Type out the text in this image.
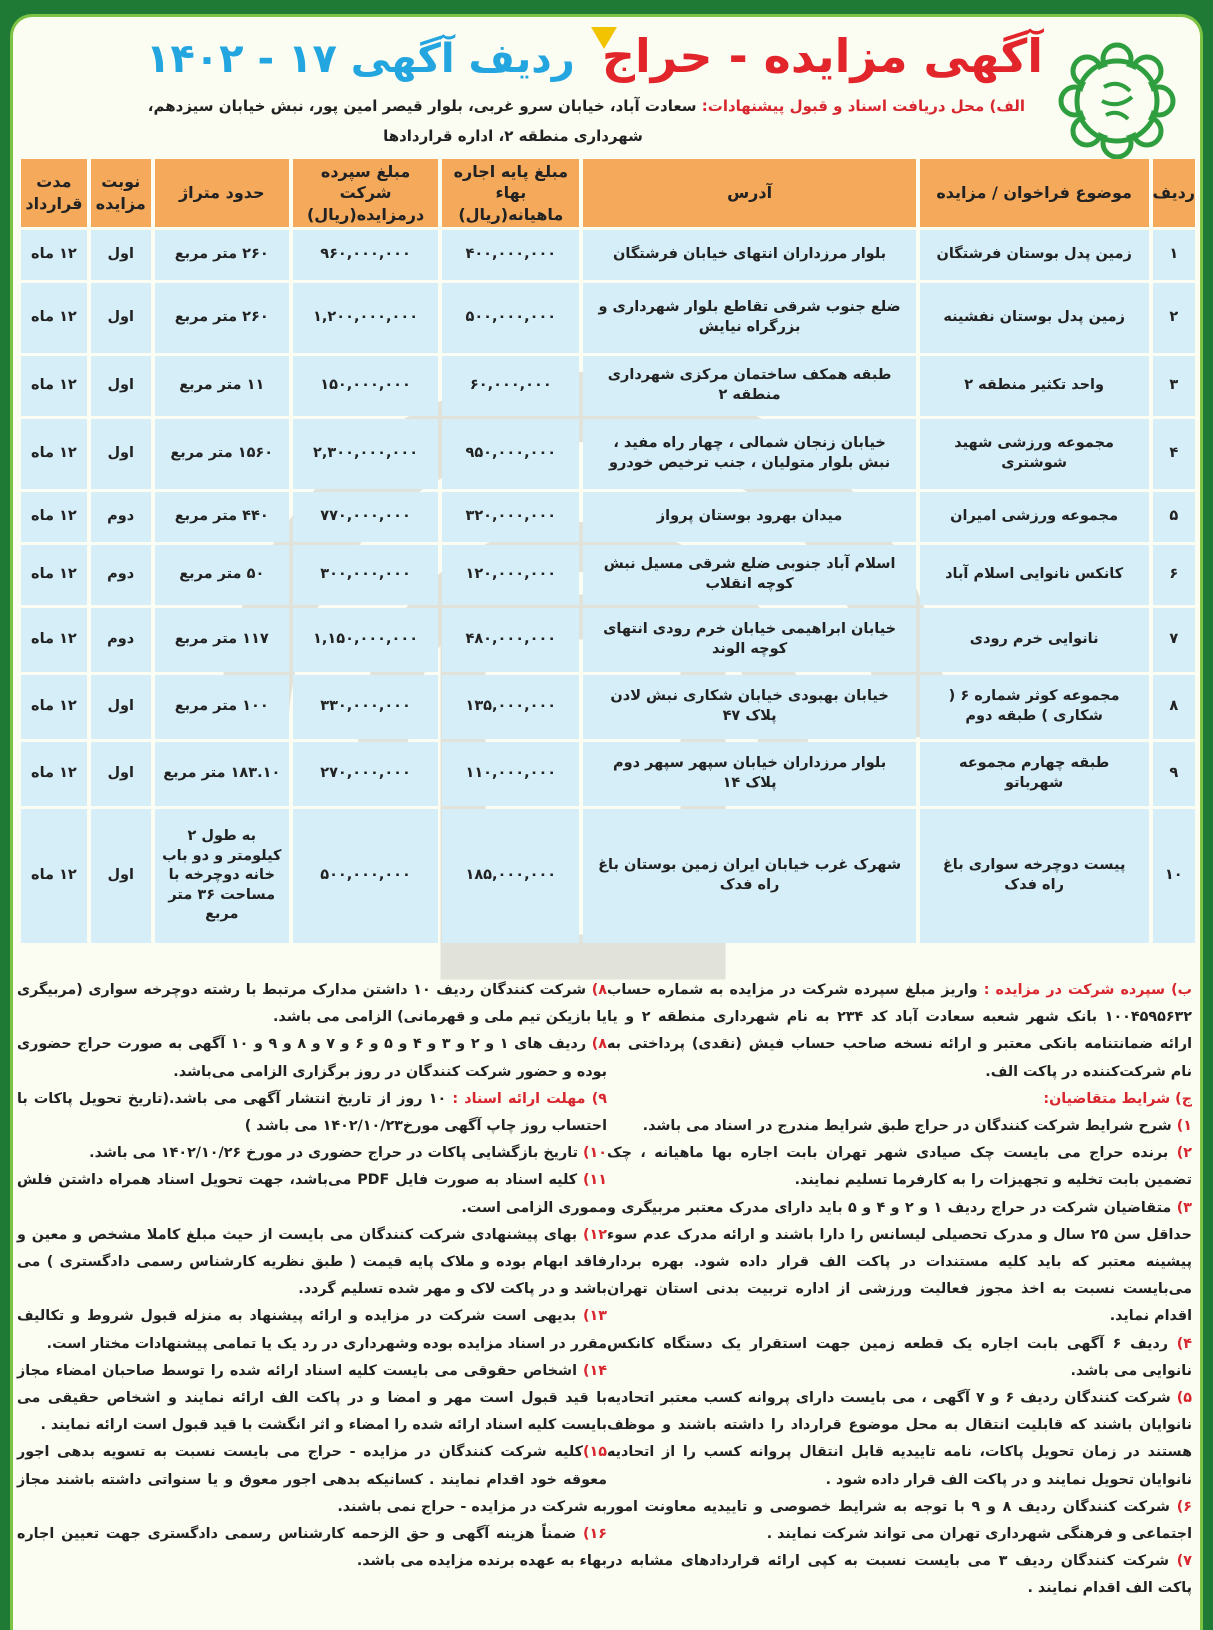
آگهی مزایده - حراج ردیف آگهی ۱۷ - ۱۴۰۲
الف) محل دریافت اسناد و قبول پیشنهادات: سعادت آباد، خیابان سرو غربی، بلوار قیصر امین پور، نبش خیابان سیزدهم،
شهرداری منطقه ۲، اداره قراردادها
ردیف	موضوع فراخوان / مزایده	آدرس	مبلغ پایه اجاره بهاء ماهیانه(ریال)	مبلغ سپرده شرکت درمزایده(ریال)	حدود متراژ	نوبت مزایده	مدت قرارداد
۱	زمین پدل بوستان فرشتگان	بلوار مرزداران انتهای خیابان فرشتگان	۴۰۰,۰۰۰,۰۰۰	۹۶۰,۰۰۰,۰۰۰	۲۶۰ متر مربع	اول	۱۲ ماه
۲	زمین پدل بوستان نفشینه	ضلع جنوب شرقی تقاطع بلوار شهرداری و بزرگراه نیایش	۵۰۰,۰۰۰,۰۰۰	۱,۲۰۰,۰۰۰,۰۰۰	۲۶۰ متر مربع	اول	۱۲ ماه
۳	واحد تکثیر منطقه ۲	طبقه همکف ساختمان مرکزی شهرداری منطقه ۲	۶۰,۰۰۰,۰۰۰	۱۵۰,۰۰۰,۰۰۰	۱۱ متر مربع	اول	۱۲ ماه
۴	مجموعه ورزشی شهید شوشتری	خیابان زنجان شمالی ، چهار راه مفید ، نبش بلوار متولیان ، جنب ترخیص خودرو	۹۵۰,۰۰۰,۰۰۰	۲,۳۰۰,۰۰۰,۰۰۰	۱۵۶۰ متر مربع	اول	۱۲ ماه
۵	مجموعه ورزشی امیران	میدان بهرود بوستان پرواز	۳۲۰,۰۰۰,۰۰۰	۷۷۰,۰۰۰,۰۰۰	۴۴۰ متر مربع	دوم	۱۲ ماه
۶	کانکس نانوایی اسلام آباد	اسلام آباد جنوبی ضلع شرقی مسیل نبش کوچه انقلاب	۱۲۰,۰۰۰,۰۰۰	۳۰۰,۰۰۰,۰۰۰	۵۰ متر مربع	دوم	۱۲ ماه
۷	نانوایی خرم رودی	خیابان ابراهیمی خیابان خرم رودی انتهای کوچه الوند	۴۸۰,۰۰۰,۰۰۰	۱,۱۵۰,۰۰۰,۰۰۰	۱۱۷ متر مربع	دوم	۱۲ ماه
۸	مجموعه کوثر شماره ۶ ( شکاری ) طبقه دوم	خیابان بهبودی خیابان شکاری نبش لادن پلاک ۴۷	۱۳۵,۰۰۰,۰۰۰	۳۳۰,۰۰۰,۰۰۰	۱۰۰ متر مربع	اول	۱۲ ماه
۹	طبقه چهارم مجموعه شهرباتو	بلوار مرزداران خیابان سپهر سپهر دوم پلاک ۱۴	۱۱۰,۰۰۰,۰۰۰	۲۷۰,۰۰۰,۰۰۰	۱۸۳.۱۰ متر مربع	اول	۱۲ ماه
۱۰	پیست دوچرخه سواری باغ راه فدک	شهرک غرب خیابان ایران زمین بوستان باغ راه فدک	۱۸۵,۰۰۰,۰۰۰	۵۰۰,۰۰۰,۰۰۰	به طول ۲ کیلومتر و دو باب خانه دوچرخه با مساحت ۳۶ متر مربع	اول	۱۲ ماه

ب) سپرده شرکت در مزایده : واریز مبلغ سپرده شرکت در مزایده به شماره حساب ۱۰۰۴۵۹۵۶۳۲ بانک شهر شعبه سعادت آباد کد ۲۳۴ به نام شهرداری منطقه ۲ و یا ارائه ضمانتنامه بانکی معتبر و ارائه نسخه صاحب حساب فیش (نقدی) پرداختی به نام شرکت‌کننده در پاکت الف.

ج) شرایط متقاضیان:

۱) شرح شرایط شرکت کنندگان در حراج طبق شرایط مندرج در اسناد می باشد.

۲) برنده حراج می بایست چک صیادی شهر تهران بابت اجاره بها ماهیانه ، چک تضمین بابت تخلیه و تجهیزات را به کارفرما تسلیم نمایند.

۳) متقاضیان شرکت در حراج ردیف ۱ و ۲ و ۴ و ۵ باید دارای مدرک معتبر مربیگری و حداقل سن ۲۵ سال و مدرک تحصیلی لیسانس را دارا باشند و ارائه مدرک عدم سوء پیشینه معتبر که باید کلیه مستندات در پاکت الف قرار داده شود. بهره بردار می‌بایست نسبت به اخذ مجوز فعالیت ورزشی از اداره تربیت بدنی استان تهران اقدام نماید.

۴) ردیف ۶ آگهی بابت اجاره یک قطعه زمین جهت استقرار یک دستگاه کانکس نانوایی می باشد.

۵) شرکت کنندگان ردیف ۶ و ۷ آگهی ، می بایست دارای پروانه کسب معتبر اتحادیه نانوایان باشند که قابلیت انتقال به محل موضوع قرارداد را داشته باشند و موظف هستند در زمان تحویل پاکات، نامه تاییدیه قابل انتقال پروانه کسب را از اتحادیه نانوایان تحویل نمایند و در پاکت الف قرار داده شود .

۶) شرکت کنندگان ردیف ۸ و ۹ با توجه به شرایط خصوصی و تاییدیه معاونت امور اجتماعی و فرهنگی شهرداری تهران می تواند شرکت نمایند .

۷) شرکت کنندگان ردیف ۳ می بایست نسبت به کپی ارائه قراردادهای مشابه در پاکت الف اقدام نمایند .

۸) شرکت کنندگان ردیف ۱۰ داشتن مدارک مرتبط با رشته دوچرخه سواری (مربیگری یا بازیکن تیم ملی و قهرمانی) الزامی می باشد.

۸) ردیف های ۱ و ۲ و ۳ و ۴ و ۵ و ۶ و ۷ و ۸ و ۹ و ۱۰ آگهی به صورت حراج حضوری بوده و حضور شرکت کنندگان در روز برگزاری الزامی می‌باشد.

۹) مهلت ارائه اسناد : ۱۰ روز از تاریخ انتشار آگهی می باشد.(تاریخ تحویل پاکات با احتساب روز چاپ آگهی مورخ۱۴۰۲/۱۰/۲۳ می باشد )

۱۰) تاریخ بازگشایی پاکات در حراج حضوری در مورخ ۱۴۰۲/۱۰/۲۶ می باشد.

۱۱) کلیه اسناد به صورت فایل PDF می‌باشد، جهت تحویل اسناد همراه داشتن فلش مموری الزامی است.

۱۲) بهای پیشنهادی شرکت کنندگان می بایست از حیث مبلغ کاملا مشخص و معین و فاقد ابهام بوده و ملاک پایه قیمت ( طبق نظریه کارشناس رسمی دادگستری ) می باشد و در پاکت لاک و مهر شده تسلیم گردد.

۱۳) بدیهی است شرکت در مزایده و ارائه پیشنهاد به منزله قبول شروط و تکالیف مقرر در اسناد مزایده بوده وشهرداری در رد یک یا تمامی پیشنهادات مختار است.

۱۴) اشخاص حقوقی می بایست کلیه اسناد ارائه شده را توسط صاحبان امضاء مجاز با قید قبول است مهر و امضا و در پاکت الف ارائه نمایند و اشخاص حقیقی می بایست کلیه اسناد ارائه شده را امضاء و اثر انگشت با قید قبول است ارائه نمایند .

۱۵)کلیه شرکت کنندگان در مزایده - حراج می بایست نسبت به تسویه بدهی اجور معوقه خود اقدام نمایند . کسانیکه بدهی اجور معوق و یا سنواتی داشته باشند مجاز به شرکت در مزایده - حراج نمی باشند.

۱۶) ضمناً هزینه آگهی و حق الزحمه کارشناس رسمی دادگستری جهت تعیین اجاره بهاء به عهده برنده مزایده می باشد.
